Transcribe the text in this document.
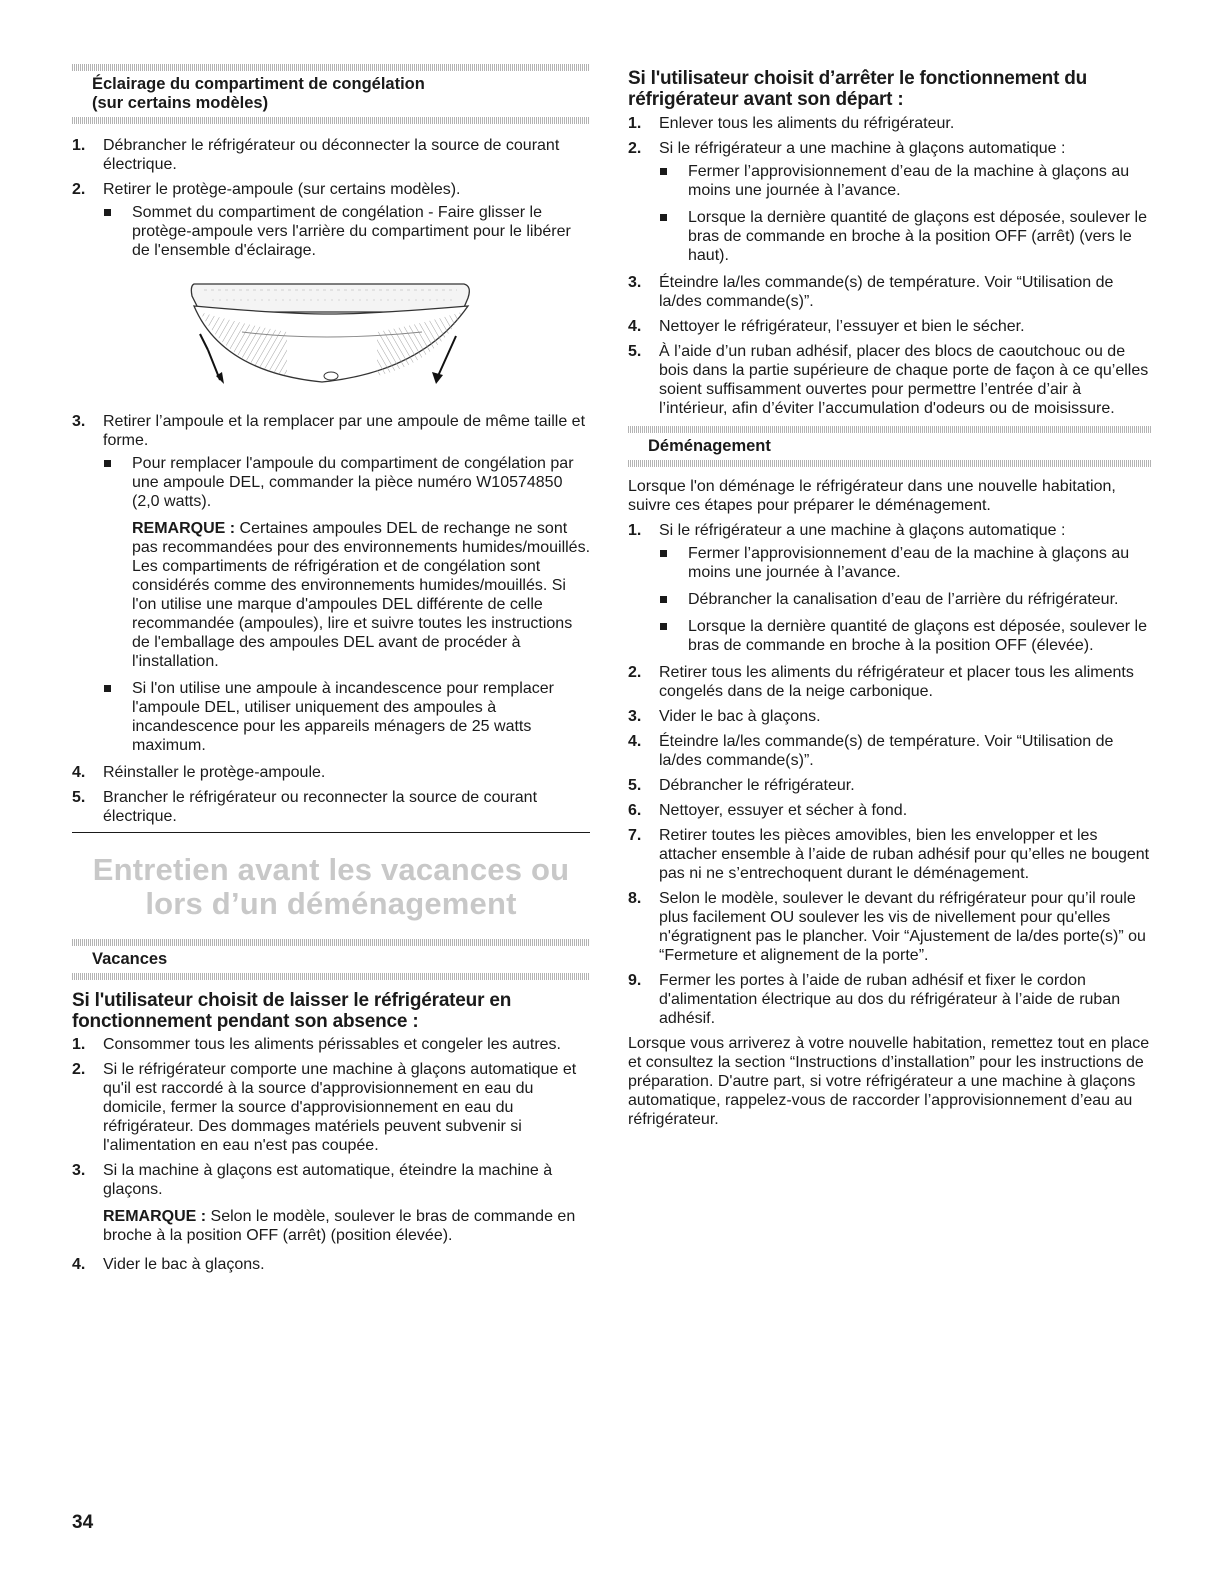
Éclairage du compartiment de congélation
(sur certains modèles)
1. Débrancher le réfrigérateur ou déconnecter la source de courant électrique.
2. Retirer le protège-ampoule (sur certains modèles).
Sommet du compartiment de congélation - Faire glisser le protège-ampoule vers l'arrière du compartiment pour le libérer de l'ensemble d'éclairage.
3. Retirer l’ampoule et la remplacer par une ampoule de même taille et forme.
Pour remplacer l'ampoule du compartiment de congélation par une ampoule DEL, commander la pièce numéro W10574850 (2,0 watts).
REMARQUE : Certaines ampoules DEL de rechange ne sont pas recommandées pour des environnements humides/mouillés. Les compartiments de réfrigération et de congélation sont considérés comme des environnements humides/mouillés. Si l'on utilise une marque d'ampoules DEL différente de celle recommandée (ampoules), lire et suivre toutes les instructions de l'emballage des ampoules DEL avant de procéder à l'installation.
Si l'on utilise une ampoule à incandescence pour remplacer l'ampoule DEL, utiliser uniquement des ampoules à incandescence pour les appareils ménagers de 25 watts maximum.
4. Réinstaller le protège-ampoule.
5. Brancher le réfrigérateur ou reconnecter la source de courant électrique.
Entretien avant les vacances ou
lors d’un déménagement
Vacances
Si l'utilisateur choisit de laisser le réfrigérateur en fonctionnement pendant son absence :
1. Consommer tous les aliments périssables et congeler les autres.
2. Si le réfrigérateur comporte une machine à glaçons automatique et qu'il est raccordé à la source d'approvisionnement en eau du domicile, fermer la source d'approvisionnement en eau du réfrigérateur. Des dommages matériels peuvent subvenir si l'alimentation en eau n'est pas coupée.
3. Si la machine à glaçons est automatique, éteindre la machine à glaçons.
REMARQUE : Selon le modèle, soulever le bras de commande en broche à la position OFF (arrêt) (position élevée).
4. Vider le bac à glaçons.
Si l'utilisateur choisit d’arrêter le fonctionnement du réfrigérateur avant son départ :
1. Enlever tous les aliments du réfrigérateur.
2. Si le réfrigérateur a une machine à glaçons automatique :
Fermer l’approvisionnement d’eau de la machine à glaçons au moins une journée à l’avance.
Lorsque la dernière quantité de glaçons est déposée, soulever le bras de commande en broche à la position OFF (arrêt) (vers le haut).
3. Éteindre la/les commande(s) de température. Voir “Utilisation de la/des commande(s)”.
4. Nettoyer le réfrigérateur, l’essuyer et bien le sécher.
5. À l’aide d’un ruban adhésif, placer des blocs de caoutchouc ou de bois dans la partie supérieure de chaque porte de façon à ce qu’elles soient suffisamment ouvertes pour permettre l’entrée d’air à l’intérieur, afin d’éviter l’accumulation d'odeurs ou de moisissure.
Déménagement
Lorsque l'on déménage le réfrigérateur dans une nouvelle habitation, suivre ces étapes pour préparer le déménagement.
1. Si le réfrigérateur a une machine à glaçons automatique :
Fermer l’approvisionnement d’eau de la machine à glaçons au moins une journée à l’avance.
Débrancher la canalisation d’eau de l’arrière du réfrigérateur.
Lorsque la dernière quantité de glaçons est déposée, soulever le bras de commande en broche à la position OFF (élevée).
2. Retirer tous les aliments du réfrigérateur et placer tous les aliments congelés dans de la neige carbonique.
3. Vider le bac à glaçons.
4. Éteindre la/les commande(s) de température. Voir “Utilisation de la/des commande(s)”.
5. Débrancher le réfrigérateur.
6. Nettoyer, essuyer et sécher à fond.
7. Retirer toutes les pièces amovibles, bien les envelopper et les attacher ensemble à l’aide de ruban adhésif pour qu’elles ne bougent pas ni ne s’entrechoquent durant le déménagement.
8. Selon le modèle, soulever le devant du réfrigérateur pour qu’il roule plus facilement OU soulever les vis de nivellement pour qu'elles n'égratignent pas le plancher. Voir “Ajustement de la/des porte(s)” ou “Fermeture et alignement de la porte”.
9. Fermer les portes à l’aide de ruban adhésif et fixer le cordon d'alimentation électrique au dos du réfrigérateur à l’aide de ruban adhésif.
Lorsque vous arriverez à votre nouvelle habitation, remettez tout en place et consultez la section “Instructions d’installation” pour les instructions de préparation. D'autre part, si votre réfrigérateur a une machine à glaçons automatique, rappelez-vous de raccorder l’approvisionnement d’eau au réfrigérateur.
34
